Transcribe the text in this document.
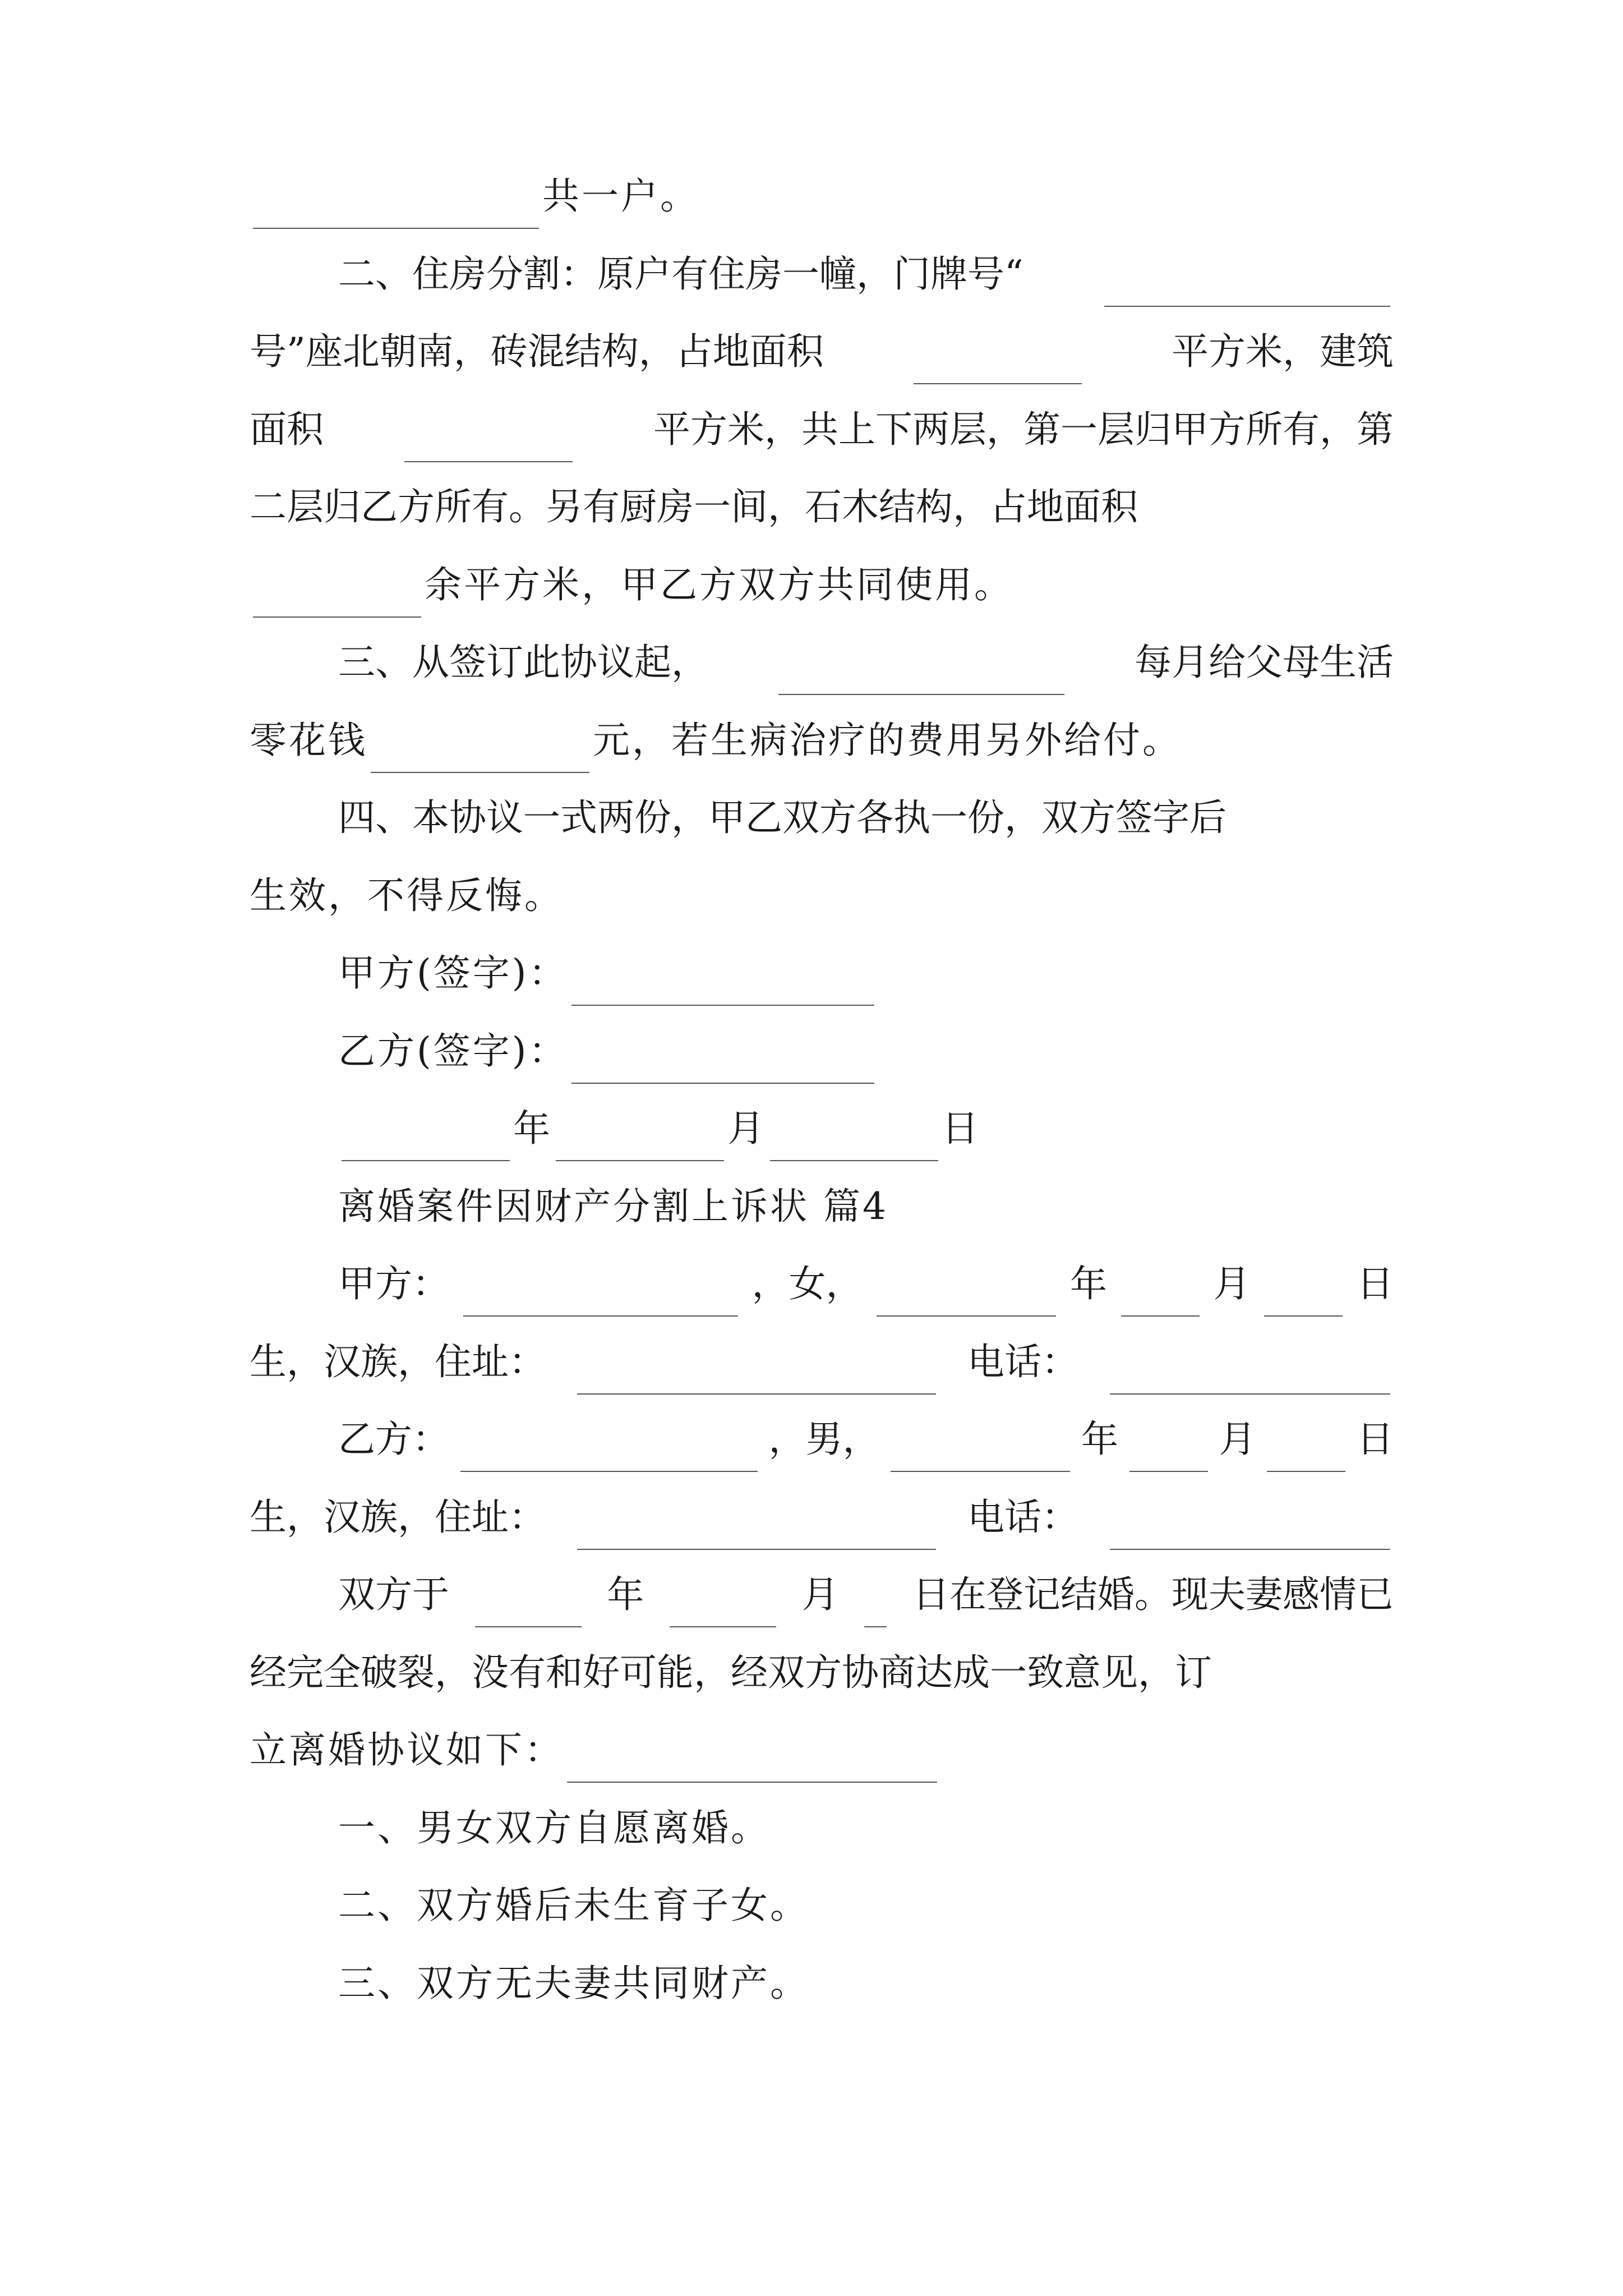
共一户。
二、住房分割：原户有住房一幢，门牌号“
号”座北朝南，砖混结构，占地面积	平方米，建筑
面积	平方米，共上下两层，第一层归甲方所有，第
二层归乙方所有。另有厨房一间，石木结构，占地面积
余平方米，甲乙方双方共同使用。
三、从签订此协议起，	每月给父母生活
零花钱	元，若生病治疗的费用另外给付。
四、本协议一式两份，甲乙双方各执一份，双方签字后
生效，不得反悔。
甲方(签字)：
乙方(签字)：
年	月	日
离婚案件因财产分割上诉状 篇4
甲方：	，女，	年	月	日
生，汉族，住址：	电话：
乙方：	，男，	年	月	日
生，汉族，住址：	电话：
双方于	年	月 日在登记结婚。现夫妻感情已
经完全破裂，没有和好可能，经双方协商达成一致意见，订
立离婚协议如下：
一、男女双方自愿离婚。
二、双方婚后未生育子女。
三、双方无夫妻共同财产。
